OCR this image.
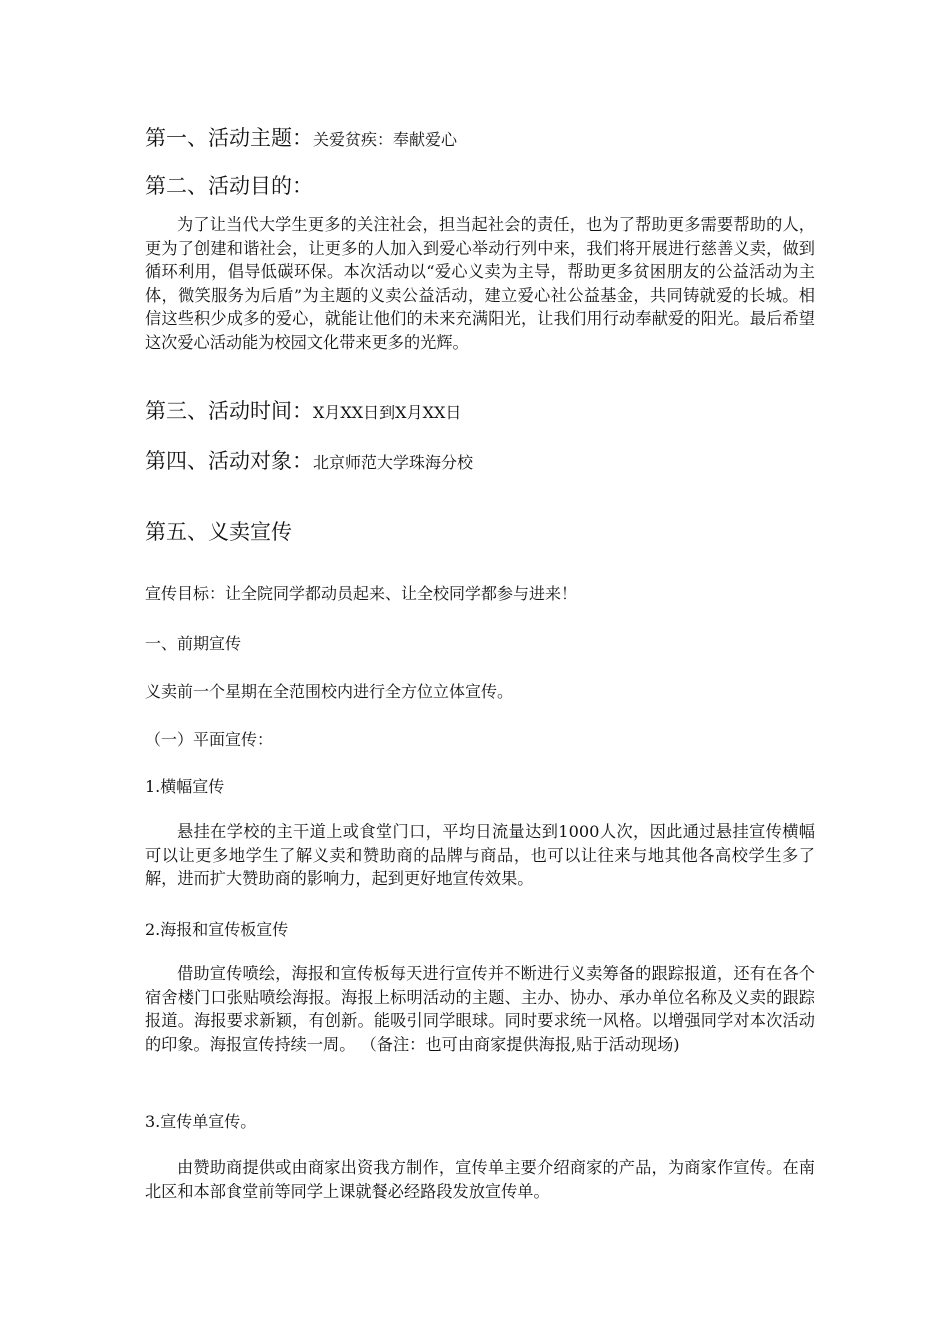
第一、活动主题：关爱贫疾：奉献爱心
第二、活动目的：

为了让当代大学生更多的关注社会，担当起社会的责任，也为了帮助更多需要帮助的人，更为了创建和谐社会，让更多的人加入到爱心举动行列中来，我们将开展进行慈善义卖，做到循环利用，倡导低碳环保。本次活动以“爱心义卖为主导，帮助更多贫困朋友的公益活动为主体，微笑服务为后盾”为主题的义卖公益活动，建立爱心社公益基金，共同铸就爱的长城。相信这些积少成多的爱心，就能让他们的未来充满阳光，让我们用行动奉献爱的阳光。最后希望这次爱心活动能为校园文化带来更多的光辉。

第三、活动时间：X月XX日到X月XX日
第四、活动对象：北京师范大学珠海分校
第五、义卖宣传
宣传目标：让全院同学都动员起来、让全校同学都参与进来！
一、前期宣传
义卖前一个星期在全范围校内进行全方位立体宣传。
（一）平面宣传：
1.横幅宣传

悬挂在学校的主干道上或食堂门口，平均日流量达到1000人次，因此通过悬挂宣传横幅可以让更多地学生了解义卖和赞助商的品牌与商品，也可以让往来与地其他各高校学生多了解，进而扩大赞助商的影响力，起到更好地宣传效果。

2.海报和宣传板宣传

借助宣传喷绘，海报和宣传板每天进行宣传并不断进行义卖筹备的跟踪报道，还有在各个宿舍楼门口张贴喷绘海报。海报上标明活动的主题、主办、协办、承办单位名称及义卖的跟踪报道。海报要求新颖，有创新。能吸引同学眼球。同时要求统一风格。以增强同学对本次活动的印象。海报宣传持续一周。 （备注：也可由商家提供海报,贴于活动现场)

3.宣传单宣传。

由赞助商提供或由商家出资我方制作，宣传单主要介绍商家的产品，为商家作宣传。在南北区和本部食堂前等同学上课就餐必经路段发放宣传单。
